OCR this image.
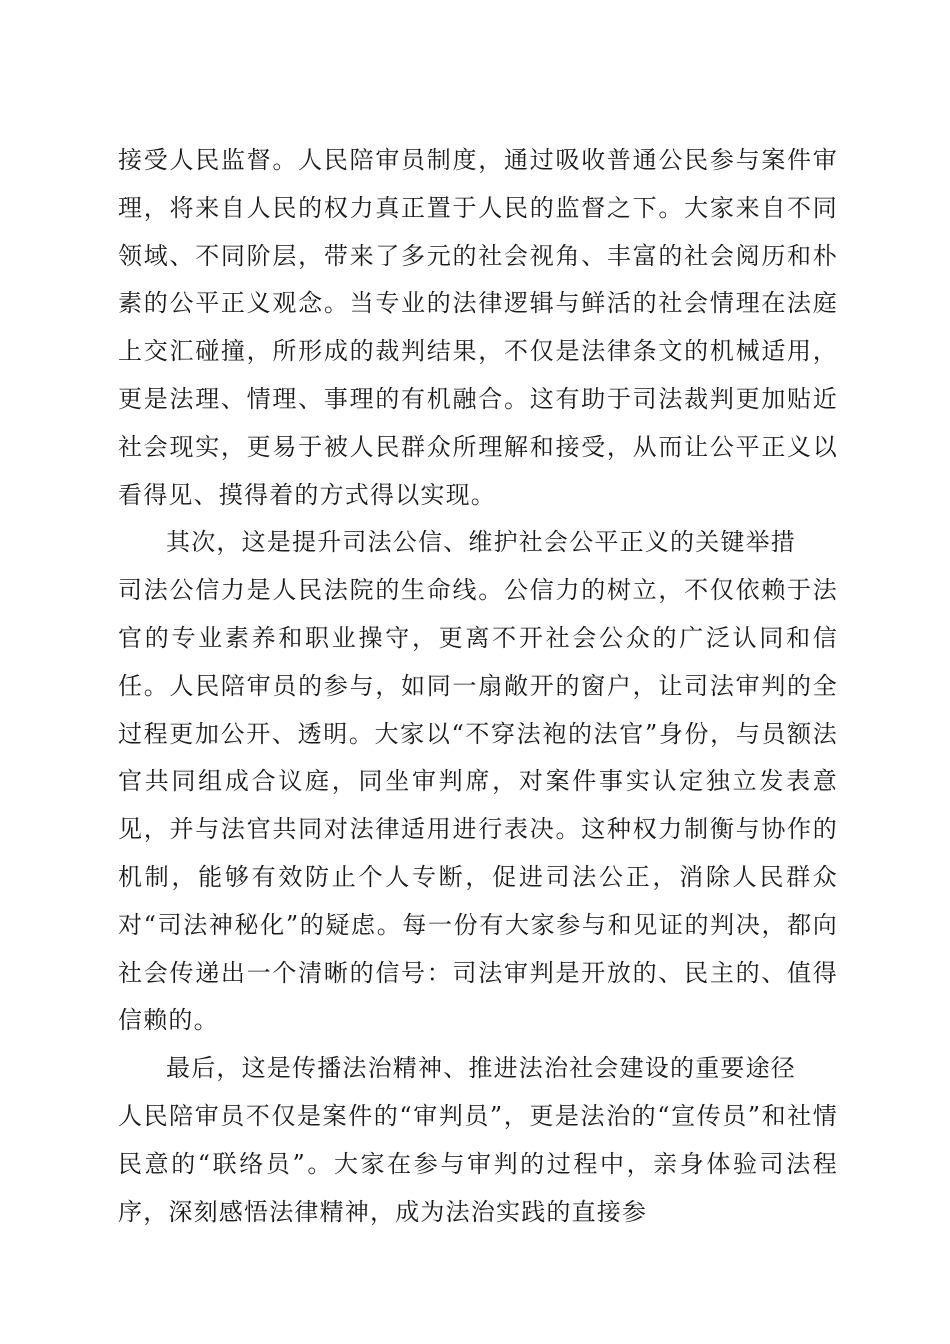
接受人民监督。人民陪审员制度，通过吸收普通公民参与案件审理，将来自人民的权力真正置于人民的监督之下。大家来自不同领域、不同阶层，带来了多元的社会视角、丰富的社会阅历和朴素的公平正义观念。当专业的法律逻辑与鲜活的社会情理在法庭上交汇碰撞，所形成的裁判结果，不仅是法律条文的机械适用，更是法理、情理、事理的有机融合。这有助于司法裁判更加贴近社会现实，更易于被人民群众所理解和接受，从而让公平正义以看得见、摸得着的方式得以实现。

其次，这是提升司法公信、维护社会公平正义的关键举措

司法公信力是人民法院的生命线。公信力的树立，不仅依赖于法官的专业素养和职业操守，更离不开社会公众的广泛认同和信任。人民陪审员的参与，如同一扇敞开的窗户，让司法审判的全过程更加公开、透明。大家以“不穿法袍的法官”身份，与员额法官共同组成合议庭，同坐审判席，对案件事实认定独立发表意见，并与法官共同对法律适用进行表决。这种权力制衡与协作的机制，能够有效防止个人专断，促进司法公正，消除人民群众对“司法神秘化”的疑虑。每一份有大家参与和见证的判决，都向社会传递出一个清晰的信号：司法审判是开放的、民主的、值得信赖的。

最后，这是传播法治精神、推进法治社会建设的重要途径

人民陪审员不仅是案件的“审判员”，更是法治的“宣传员”和社情民意的“联络员”。大家在参与审判的过程中，亲身体验司法程序，深刻感悟法律精神，成为法治实践的直接参
